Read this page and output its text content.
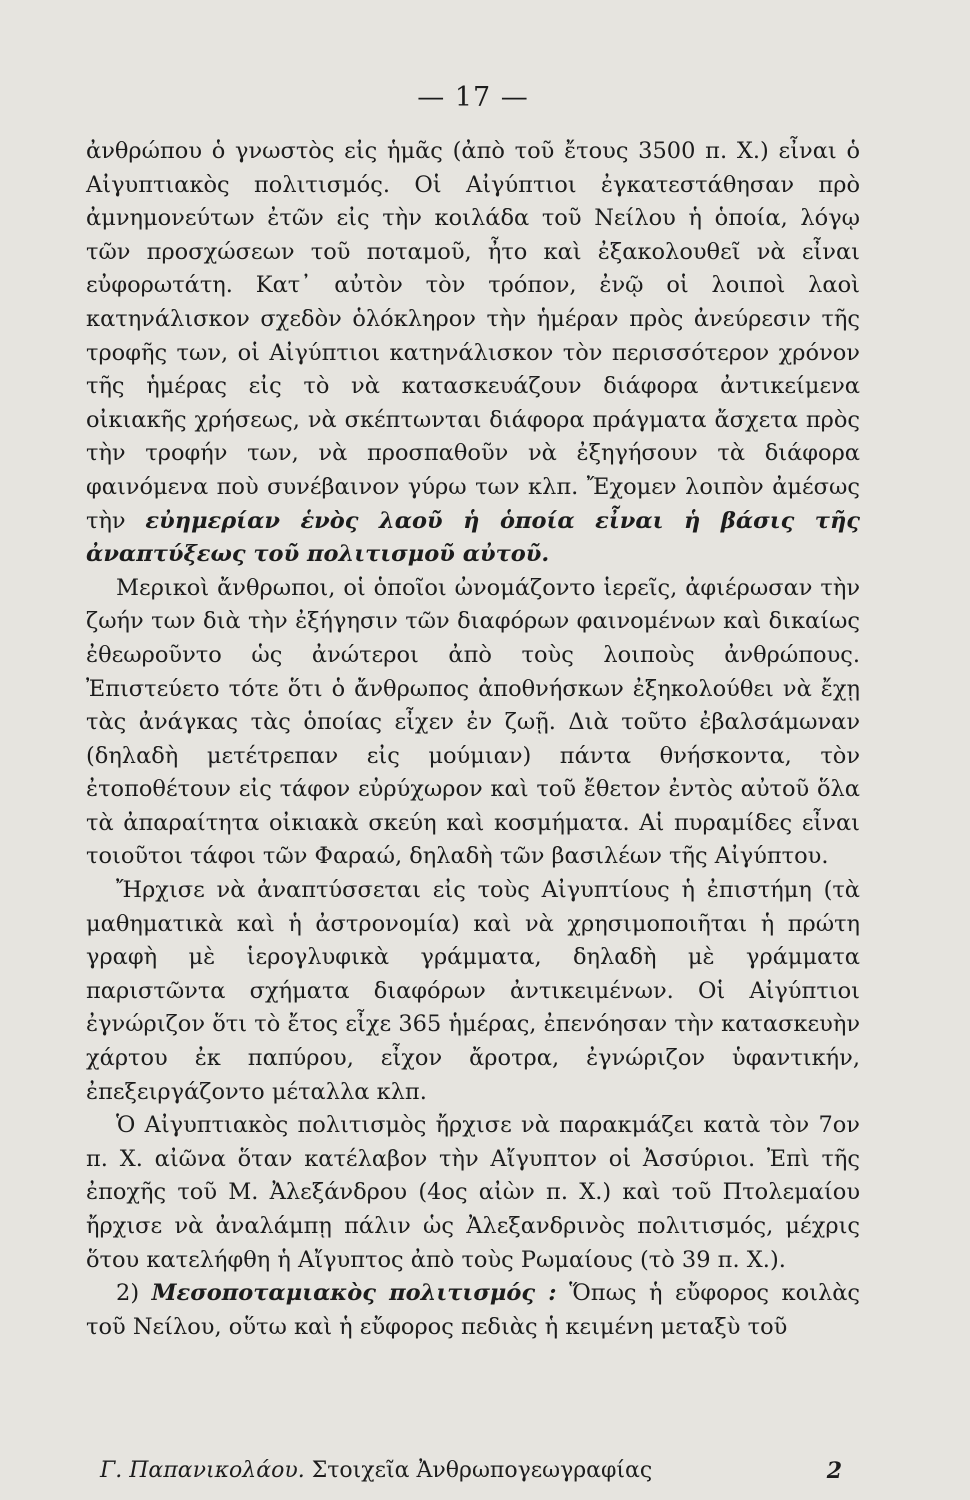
— 17 —

ἀνθρώπου ὁ γνωστὸς εἰς ἡμᾶς (ἀπὸ τοῦ ἔτους 3500 π. Χ.) εἶναι ὁ Αἰγυπτιακὸς πολιτισμός. Οἱ Αἰγύπτιοι ἐγκατεστάθησαν πρὸ ἀμνημονεύτων ἐτῶν εἰς τὴν κοιλάδα τοῦ Νείλου ἡ ὁποία, λόγῳ τῶν προσχώσεων τοῦ ποταμοῦ, ἦτο καὶ ἐξακολουθεῖ νὰ εἶναι εὐφορωτάτη. Κατ᾿ αὐτὸν τὸν τρόπον, ἐνῷ οἱ λοιποὶ λαοὶ κατηνάλισκον σχεδὸν ὁλόκληρον τὴν ἡμέραν πρὸς ἀνεύρεσιν τῆς τροφῆς των, οἱ Αἰγύπτιοι κατηνάλισκον τὸν περισσότερον χρόνον τῆς ἡμέρας εἰς τὸ νὰ κατασκευάζουν διάφορα ἀντικείμενα οἰκιακῆς χρήσεως, νὰ σκέπτωνται διάφορα πράγματα ἄσχετα πρὸς τὴν τροφήν των, νὰ προσπαθοῦν νὰ ἐξηγήσουν τὰ διάφορα φαινόμενα ποὺ συνέβαινον γύρω των κλπ. Ἔχομεν λοιπὸν ἀμέσως τὴν εὐημερίαν ἑνὸς λαοῦ ἡ ὁποία εἶναι ἡ βάσις τῆς ἀναπτύξεως τοῦ πολιτισμοῦ αὐτοῦ.

Μερικοὶ ἄνθρωποι, οἱ ὁποῖοι ὠνομάζοντο ἱερεῖς, ἀφιέρωσαν τὴν ζωήν των διὰ τὴν ἐξήγησιν τῶν διαφόρων φαινομένων καὶ δικαίως ἐθεωροῦντο ὡς ἀνώτεροι ἀπὸ τοὺς λοιποὺς ἀνθρώπους. Ἐπιστεύετο τότε ὅτι ὁ ἄνθρωπος ἀποθνήσκων ἐξηκολούθει νὰ ἔχῃ τὰς ἀνάγκας τὰς ὁποίας εἶχεν ἐν ζωῇ. Διὰ τοῦτο ἐβαλσάμωναν (δηλαδὴ μετέτρεπαν εἰς μούμιαν) πάντα θνήσκοντα, τὸν ἐτοποθέτουν εἰς τάφον εὐρύχωρον καὶ τοῦ ἔθετον ἐντὸς αὐτοῦ ὅλα τὰ ἀπαραίτητα οἰκιακὰ σκεύη καὶ κοσμήματα. Αἱ πυραμίδες εἶναι τοιοῦτοι τάφοι τῶν Φαραώ, δηλαδὴ τῶν βασιλέων τῆς Αἰγύπτου.

Ἤρχισε νὰ ἀναπτύσσεται εἰς τοὺς Αἰγυπτίους ἡ ἐπιστήμη (τὰ μαθηματικὰ καὶ ἡ ἀστρονομία) καὶ νὰ χρησιμοποιῆται ἡ πρώτη γραφὴ μὲ ἱερογλυφικὰ γράμματα, δηλαδὴ μὲ γράμματα παριστῶντα σχήματα διαφόρων ἀντικειμένων. Οἱ Αἰγύπτιοι ἐγνώριζον ὅτι τὸ ἔτος εἶχε 365 ἡμέρας, ἐπενόησαν τὴν κατασκευὴν χάρτου ἐκ παπύρου, εἶχον ἄροτρα, ἐγνώριζον ὑφαντικήν, ἐπεξειργάζοντο μέταλλα κλπ.

Ὁ Αἰγυπτιακὸς πολιτισμὸς ἤρχισε νὰ παρακμάζει κατὰ τὸν 7ον π. Χ. αἰῶνα ὅταν κατέλαβον τὴν Αἴγυπτον οἱ Ἀσσύριοι. Ἐπὶ τῆς ἐποχῆς τοῦ Μ. Ἀλεξάνδρου (4ος αἰὼν π. Χ.) καὶ τοῦ Πτολεμαίου ἤρχισε νὰ ἀναλάμπῃ πάλιν ὡς Ἀλεξανδρινὸς πολιτισμός, μέχρις ὅτου κατελήφθη ἡ Αἴγυπτος ἀπὸ τοὺς Ρωμαίους (τὸ 39 π. Χ.).

2) Μεσοποταμιακὸς πολιτισμός : Ὅπως ἡ εὔφορος κοιλὰς τοῦ Νείλου, οὕτω καὶ ἡ εὔφορος πεδιὰς ἡ κειμένη μεταξὺ τοῦ

Γ. Παπανικολάου. Στοιχεῖα Ἀνθρωπογεωγραφίας	2
